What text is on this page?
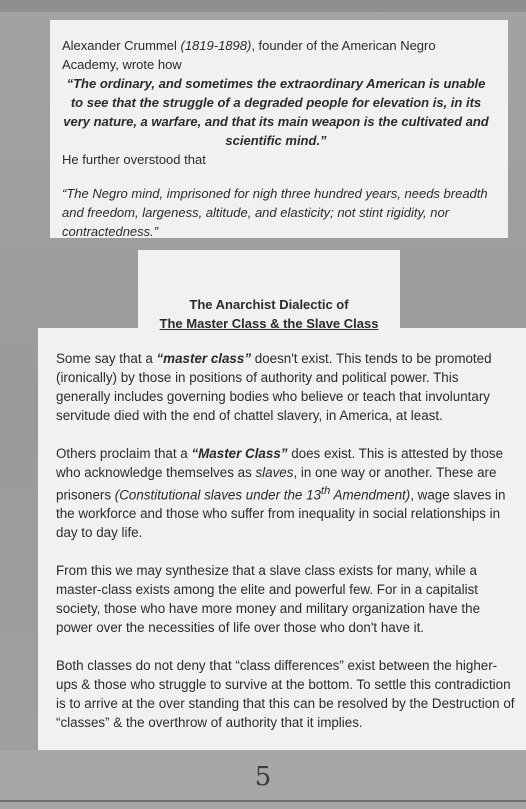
Alexander Crummel (1819-1898), founder of the American Negro Academy, wrote how

“The ordinary, and sometimes the extraordinary American is unable to see that the struggle of a degraded people for elevation is, in its very nature, a warfare, and that its main weapon is the cultivated and scientific mind.”

He further overstood that

“The Negro mind, imprisoned for nigh three hundred years, needs breadth and freedom, largeness, altitude, and elasticity; not stint rigidity, nor contractedness.”

The Anarchist Dialectic of
The Master Class & the Slave Class

Some say that a “master class” doesn't exist. This tends to be promoted (ironically) by those in positions of authority and political power. This generally includes governing bodies who believe or teach that involuntary servitude died with the end of chattel slavery, in America, at least.

Others proclaim that a “Master Class” does exist. This is attested by those who acknowledge themselves as slaves, in one way or another. These are prisoners (Constitutional slaves under the 13th Amendment), wage slaves in the workforce and those who suffer from inequality in social relationships in day to day life.

From this we may synthesize that a slave class exists for many, while a master-class exists among the elite and powerful few. For in a capitalist society, those who have more money and military organization have the power over the necessities of life over those who don't have it.

Both classes do not deny that “class differences” exist between the higher-ups & those who struggle to survive at the bottom. To settle this contradiction is to arrive at the over standing that this can be resolved by the Destruction of “classes” & the overthrow of authority that it implies.

5
